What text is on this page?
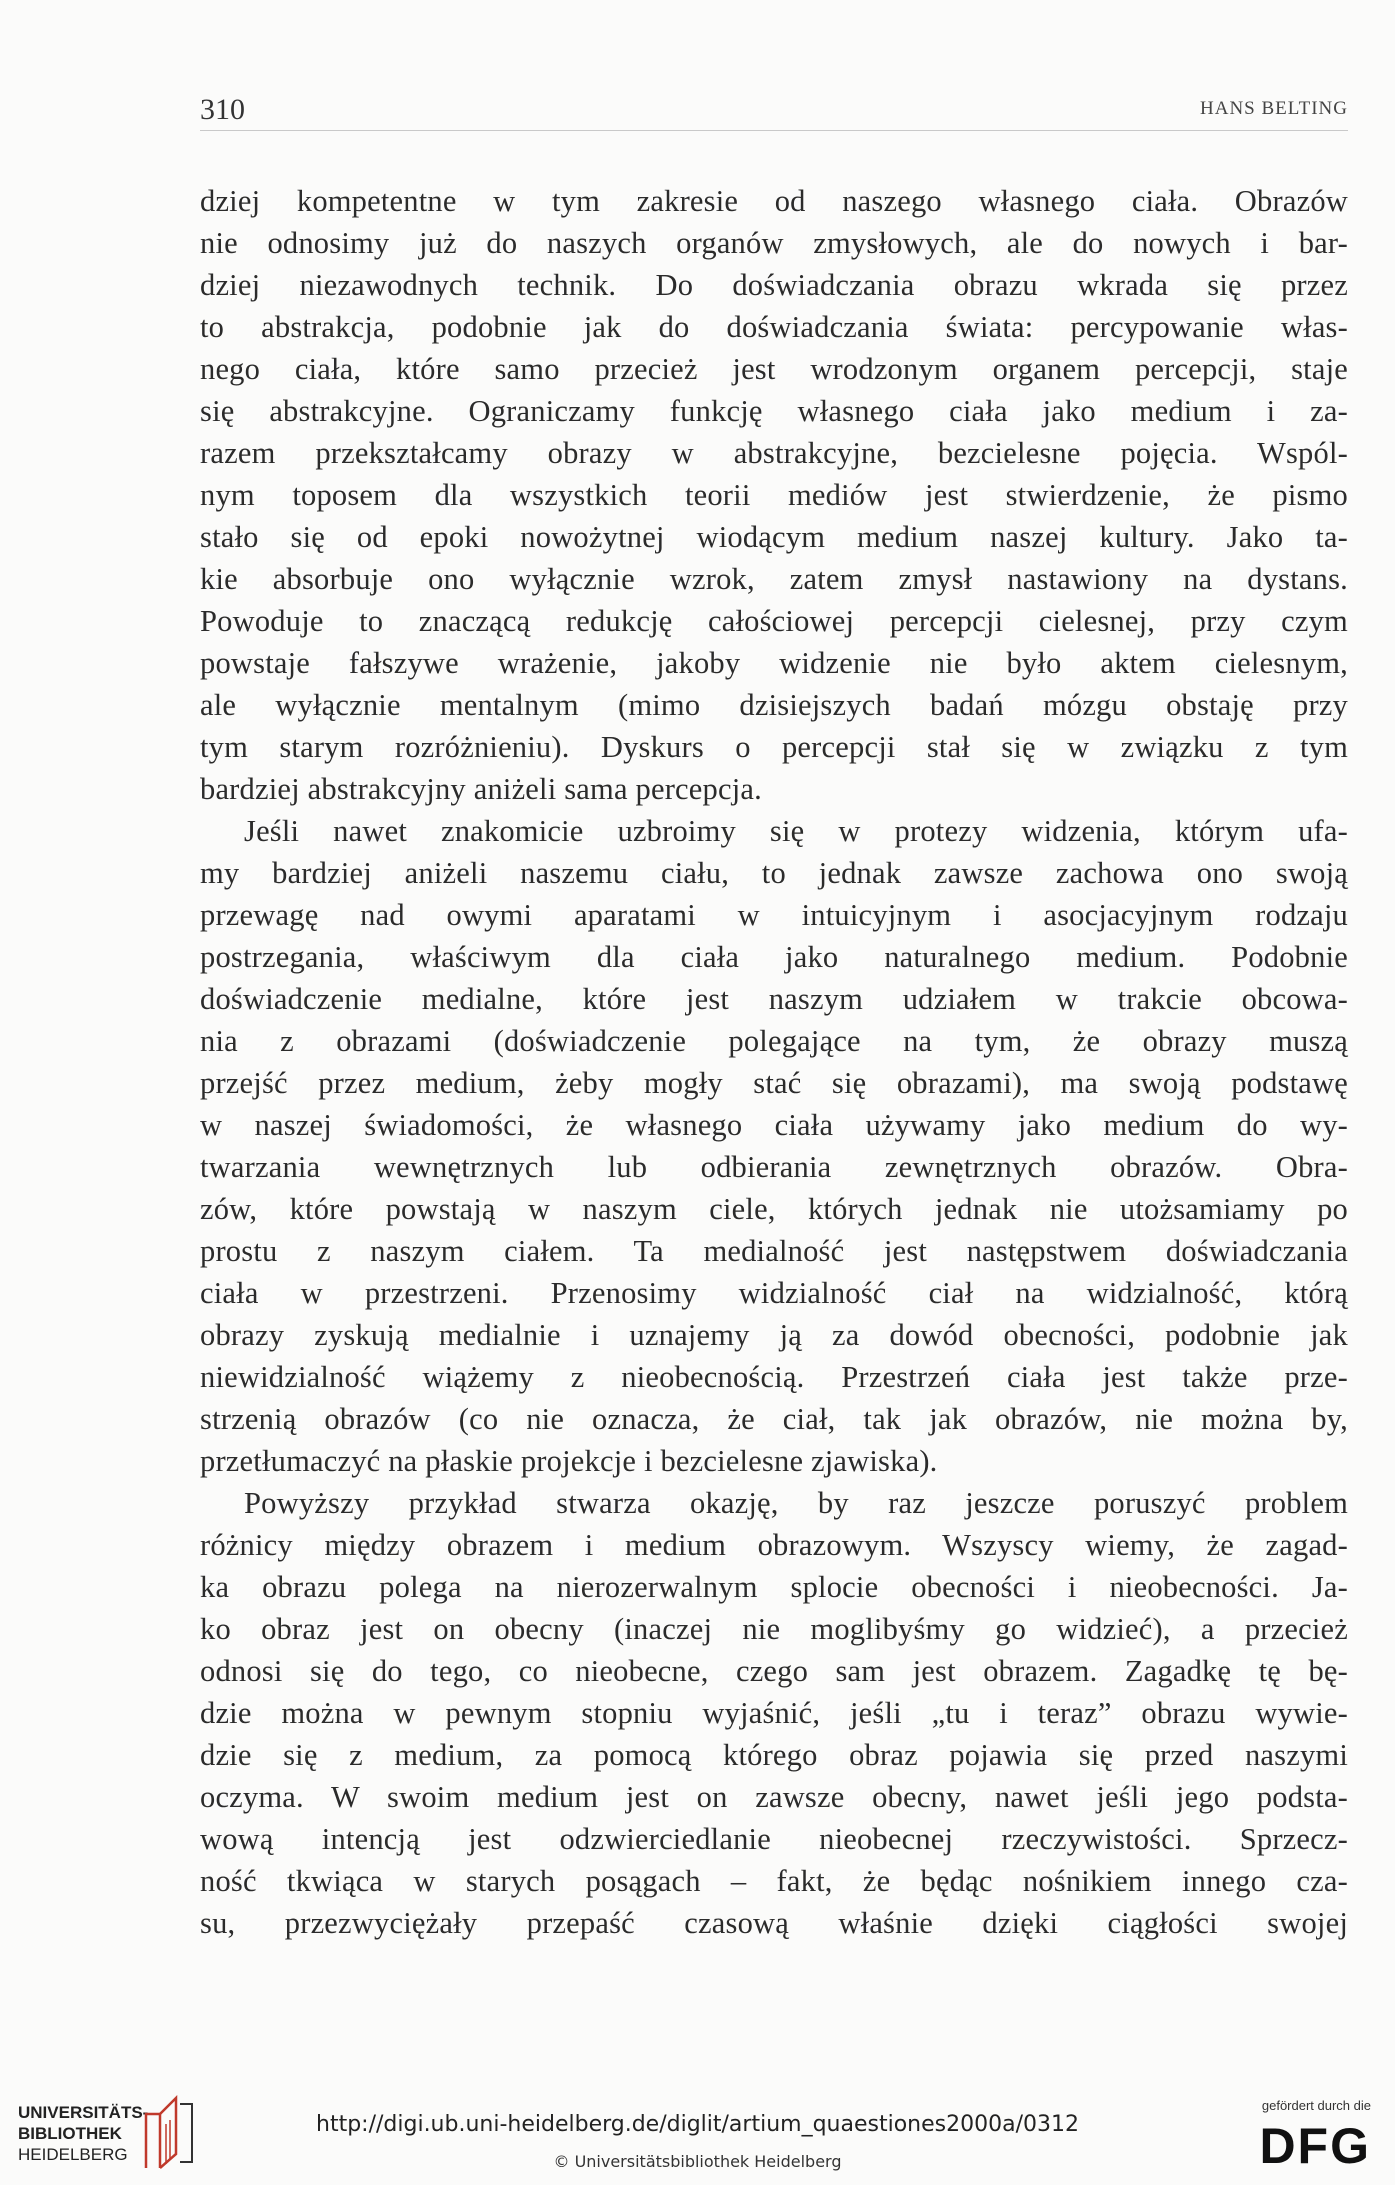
310	HANS BELTING
dziej kompetentne w tym zakresie od naszego własnego ciała. Obrazów
nie odnosimy już do naszych organów zmysłowych, ale do nowych i bar-
dziej niezawodnych technik. Do doświadczania obrazu wkrada się przez
to abstrakcja, podobnie jak do doświadczania świata: percypowanie włas-
nego ciała, które samo przecież jest wrodzonym organem percepcji, staje
się abstrakcyjne. Ograniczamy funkcję własnego ciała jako medium i za-
razem przekształcamy obrazy w abstrakcyjne, bezcielesne pojęcia. Wspól-
nym toposem dla wszystkich teorii mediów jest stwierdzenie, że pismo
stało się od epoki nowożytnej wiodącym medium naszej kultury. Jako ta-
kie absorbuje ono wyłącznie wzrok, zatem zmysł nastawiony na dystans.
Powoduje to znaczącą redukcję całościowej percepcji cielesnej, przy czym
powstaje fałszywe wrażenie, jakoby widzenie nie było aktem cielesnym,
ale wyłącznie mentalnym (mimo dzisiejszych badań mózgu obstaję przy
tym starym rozróżnieniu). Dyskurs o percepcji stał się w związku z tym
bardziej abstrakcyjny aniżeli sama percepcja.
Jeśli nawet znakomicie uzbroimy się w protezy widzenia, którym ufa-
my bardziej aniżeli naszemu ciału, to jednak zawsze zachowa ono swoją
przewagę nad owymi aparatami w intuicyjnym i asocjacyjnym rodzaju
postrzegania, właściwym dla ciała jako naturalnego medium. Podobnie
doświadczenie medialne, które jest naszym udziałem w trakcie obcowa-
nia z obrazami (doświadczenie polegające na tym, że obrazy muszą
przejść przez medium, żeby mogły stać się obrazami), ma swoją podstawę
w naszej świadomości, że własnego ciała używamy jako medium do wy-
twarzania wewnętrznych lub odbierania zewnętrznych obrazów. Obra-
zów, które powstają w naszym ciele, których jednak nie utożsamiamy po
prostu z naszym ciałem. Ta medialność jest następstwem doświadczania
ciała w przestrzeni. Przenosimy widzialność ciał na widzialność, którą
obrazy zyskują medialnie i uznajemy ją za dowód obecności, podobnie jak
niewidzialność wiążemy z nieobecnością. Przestrzeń ciała jest także prze-
strzenią obrazów (co nie oznacza, że ciał, tak jak obrazów, nie można by,
przetłumaczyć na płaskie projekcje i bezcielesne zjawiska).
Powyższy przykład stwarza okazję, by raz jeszcze poruszyć problem
różnicy między obrazem i medium obrazowym. Wszyscy wiemy, że zagad-
ka obrazu polega na nierozerwalnym splocie obecności i nieobecności. Ja-
ko obraz jest on obecny (inaczej nie moglibyśmy go widzieć), a przecież
odnosi się do tego, co nieobecne, czego sam jest obrazem. Zagadkę tę bę-
dzie można w pewnym stopniu wyjaśnić, jeśli „tu i teraz” obrazu wywie-
dzie się z medium, za pomocą którego obraz pojawia się przed naszymi
oczyma. W swoim medium jest on zawsze obecny, nawet jeśli jego podsta-
wową intencją jest odzwierciedlanie nieobecnej rzeczywistości. Sprzecz-
ność tkwiąca w starych posągach – fakt, że będąc nośnikiem innego cza-
su, przezwyciężały przepaść czasową właśnie dzięki ciągłości swojej
UNIVERSITÄTS-
BIBLIOTHEK
HEIDELBERG
http://digi.ub.uni-heidelberg.de/diglit/artium_quaestiones2000a/0312
© Universitätsbibliothek Heidelberg
gefördert durch die
DFG
